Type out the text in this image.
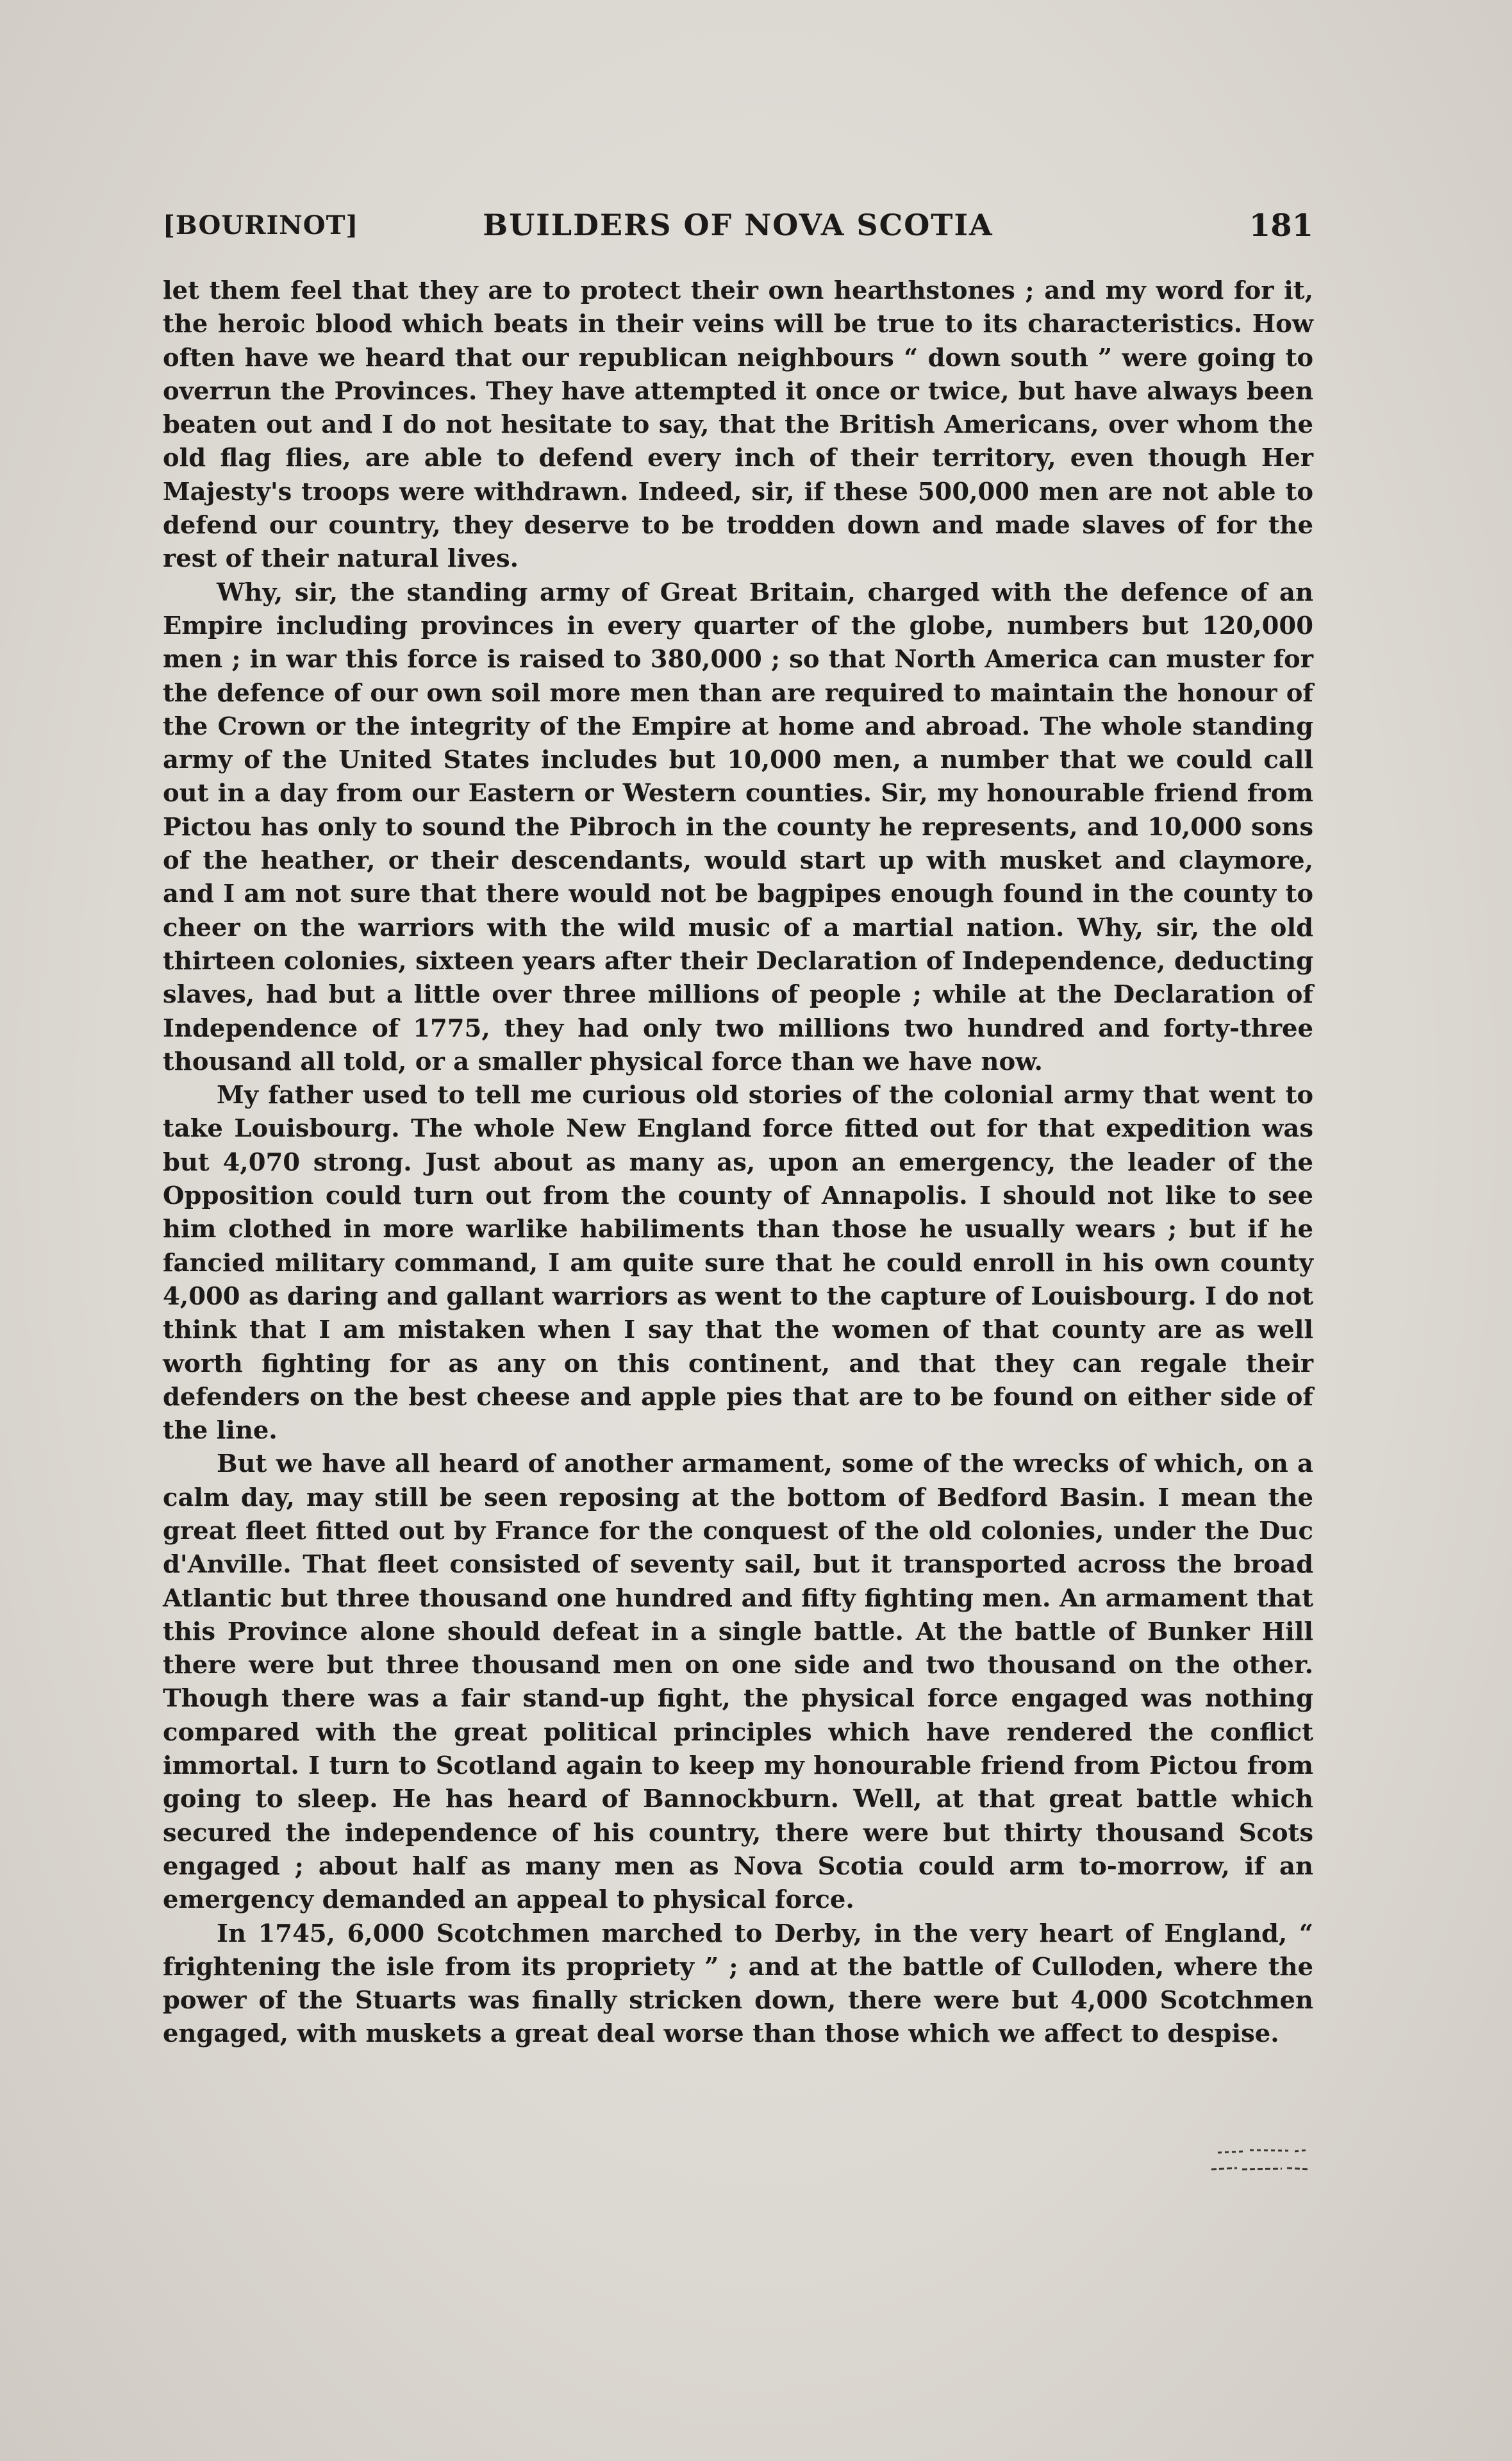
[BOURINOT]	BUILDERS OF NOVA SCOTIA	181

let them feel that they are to protect their own hearthstones ; and my word for it, the heroic blood which beats in their veins will be true to its characteristics. How often have we heard that our republican neighbours “ down south ” were going to overrun the Provinces. They have attempted it once or twice, but have always been beaten out and I do not hesitate to say, that the British Americans, over whom the old flag flies, are able to defend every inch of their territory, even though Her Majesty's troops were withdrawn. Indeed, sir, if these 500,000 men are not able to defend our country, they deserve to be trodden down and made slaves of for the rest of their natural lives.

Why, sir, the standing army of Great Britain, charged with the defence of an Empire including provinces in every quarter of the globe, numbers but 120,000 men ; in war this force is raised to 380,000 ; so that North America can muster for the defence of our own soil more men than are required to maintain the honour of the Crown or the integrity of the Empire at home and abroad. The whole standing army of the United States includes but 10,000 men, a number that we could call out in a day from our Eastern or Western counties. Sir, my honourable friend from Pictou has only to sound the Pibroch in the county he represents, and 10,000 sons of the heather, or their descendants, would start up with musket and claymore, and I am not sure that there would not be bagpipes enough found in the county to cheer on the warriors with the wild music of a martial nation. Why, sir, the old thirteen colonies, sixteen years after their Declaration of Independence, deducting slaves, had but a little over three millions of people ; while at the Declaration of Independence of 1775, they had only two millions two hundred and forty-three thousand all told, or a smaller physical force than we have now.

My father used to tell me curious old stories of the colonial army that went to take Louisbourg. The whole New England force fitted out for that expedition was but 4,070 strong. Just about as many as, upon an emergency, the leader of the Opposition could turn out from the county of Annapolis. I should not like to see him clothed in more warlike habiliments than those he usually wears ; but if he fancied military command, I am quite sure that he could enroll in his own county 4,000 as daring and gallant warriors as went to the capture of Louisbourg. I do not think that I am mistaken when I say that the women of that county are as well worth fighting for as any on this continent, and that they can regale their defenders on the best cheese and apple pies that are to be found on either side of the line.

But we have all heard of another armament, some of the wrecks of which, on a calm day, may still be seen reposing at the bottom of Bedford Basin. I mean the great fleet fitted out by France for the conquest of the old colonies, under the Duc d'Anville. That fleet consisted of seventy sail, but it transported across the broad Atlantic but three thousand one hundred and fifty fighting men. An armament that this Province alone should defeat in a single battle. At the battle of Bunker Hill there were but three thousand men on one side and two thousand on the other. Though there was a fair stand-up fight, the physical force engaged was nothing compared with the great political principles which have rendered the conflict immortal. I turn to Scotland again to keep my honourable friend from Pictou from going to sleep. He has heard of Bannockburn. Well, at that great battle which secured the independence of his country, there were but thirty thousand Scots engaged ; about half as many men as Nova Scotia could arm to-morrow, if an emergency demanded an appeal to physical force.

In 1745, 6,000 Scotchmen marched to Derby, in the very heart of England, “ frightening the isle from its propriety ” ; and at the battle of Culloden, where the power of the Stuarts was finally stricken down, there were but 4,000 Scotchmen engaged, with muskets a great deal worse than those which we affect to despise.
